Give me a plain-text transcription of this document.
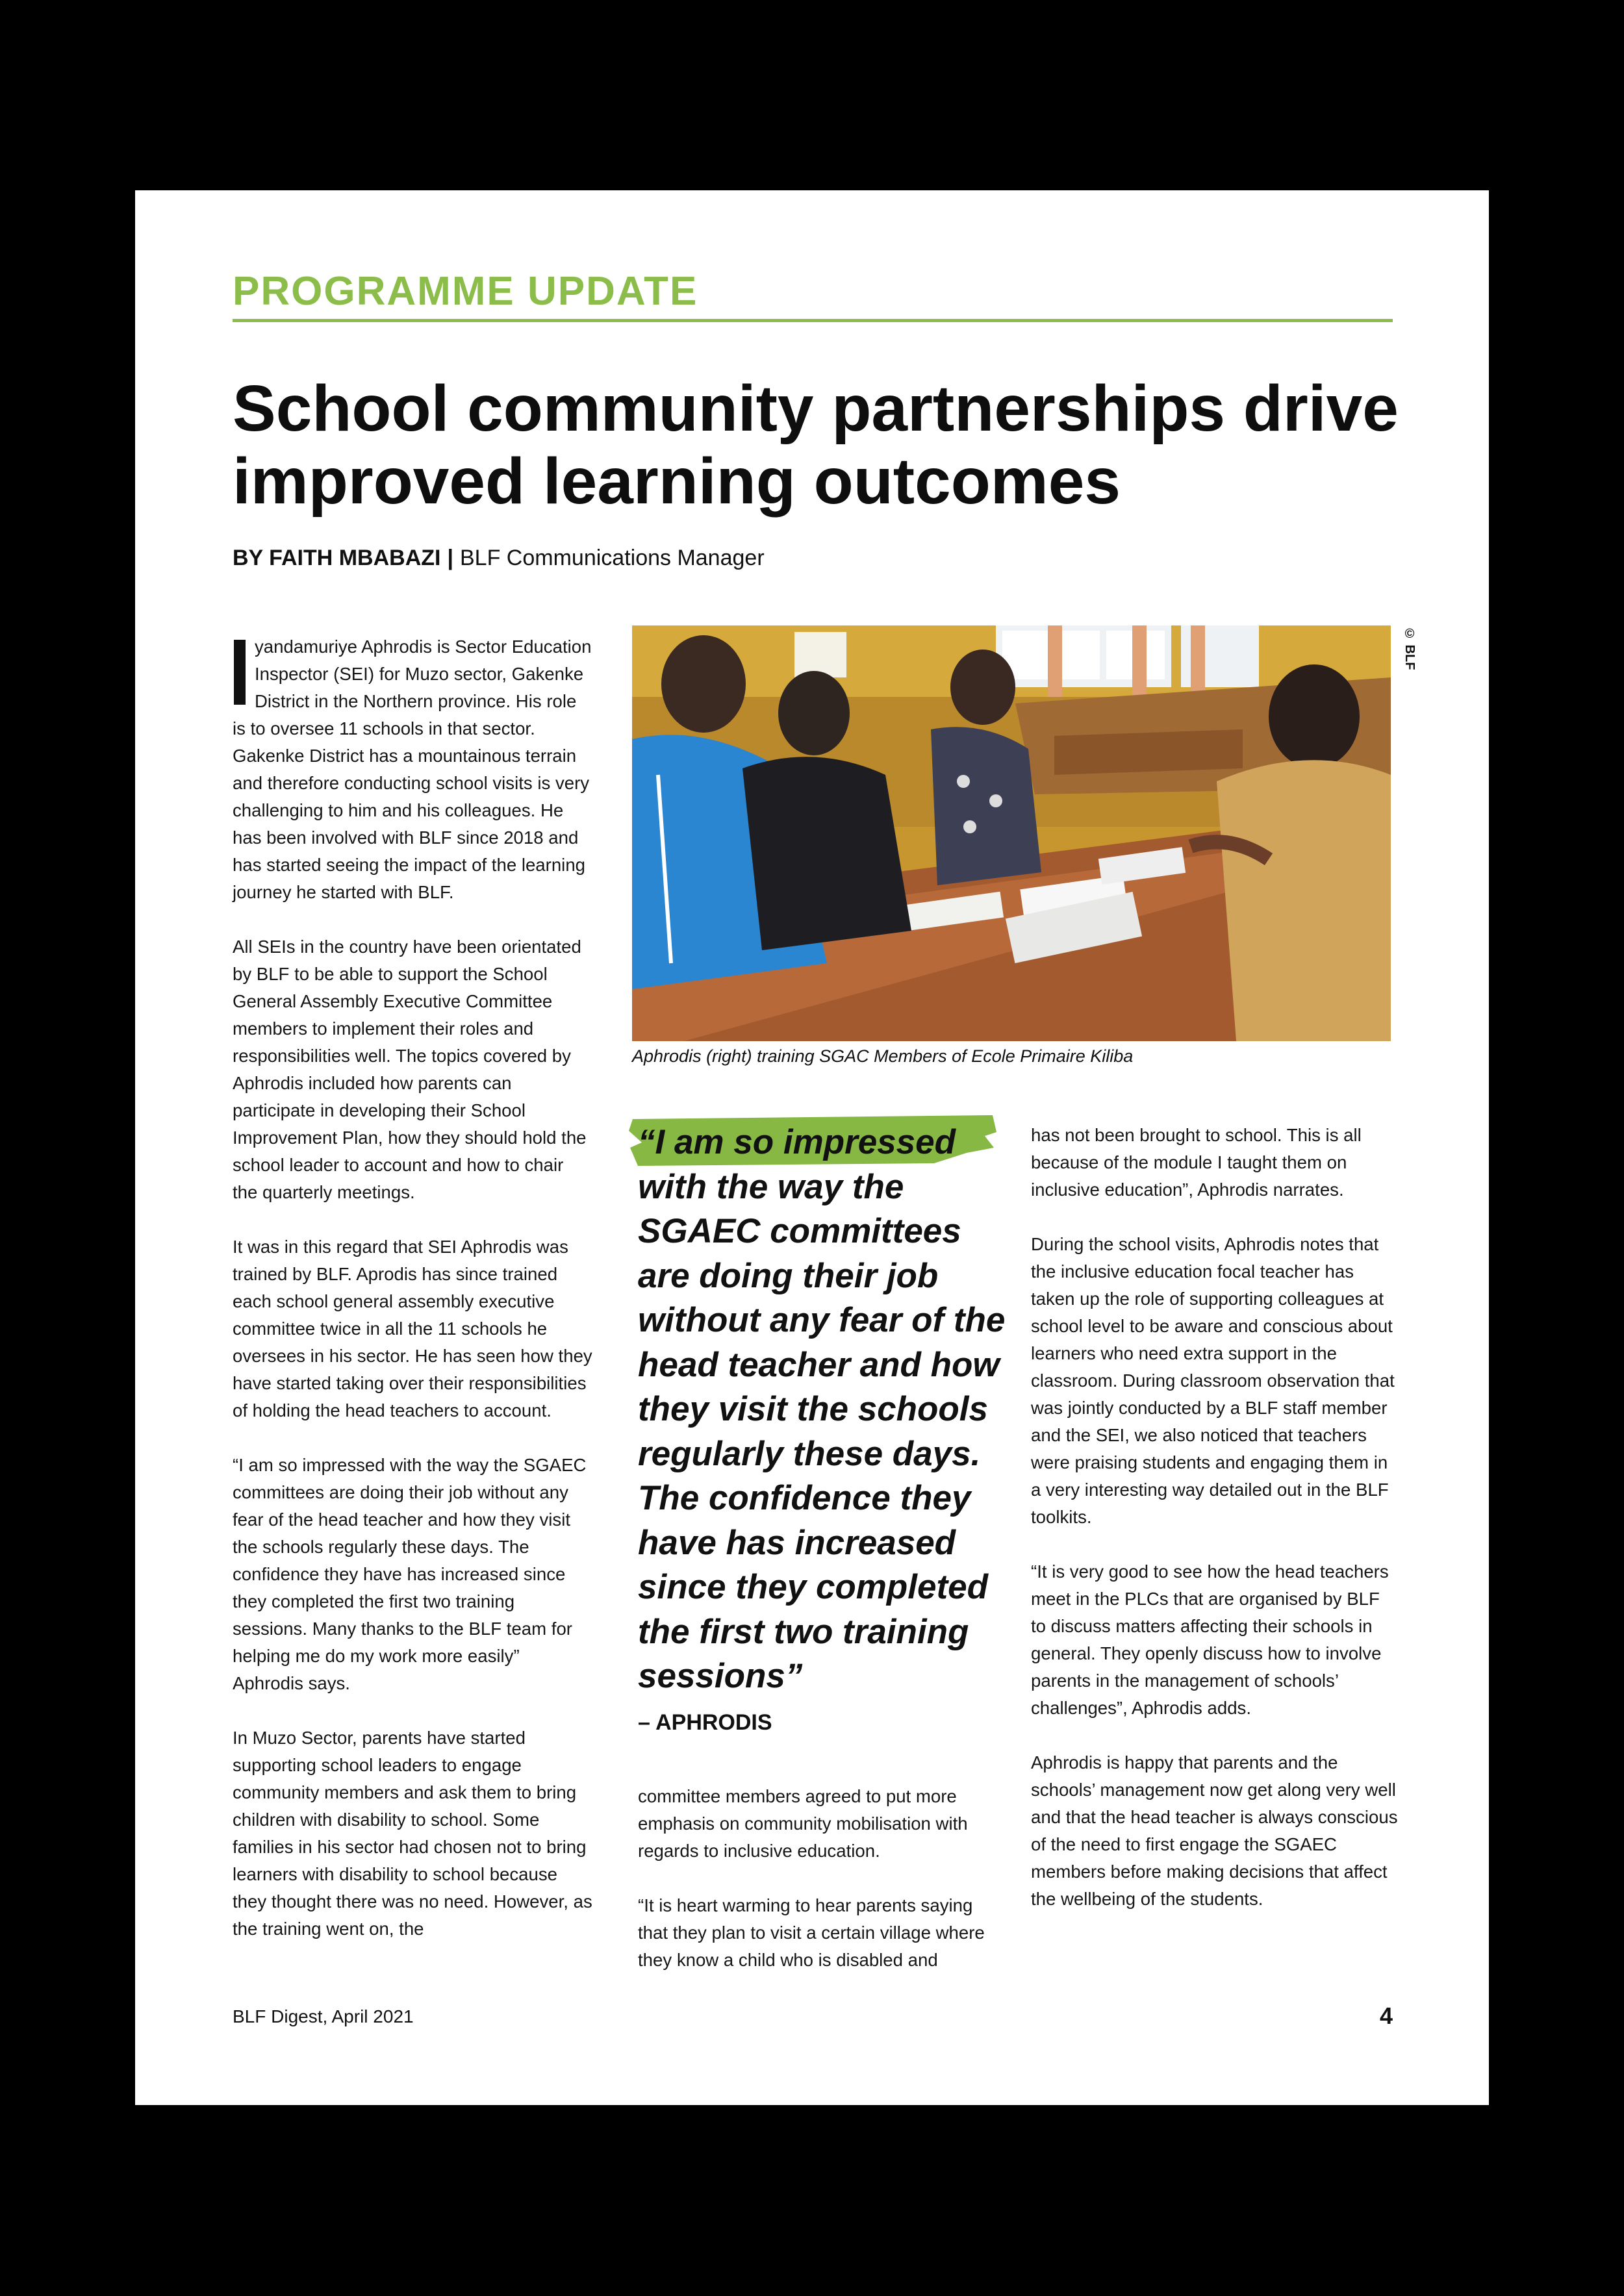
PROGRAMME UPDATE
School community partnerships drive improved learning outcomes

BY FAITH MBABAZI | BLF Communications Manager

yandamuriye Aphrodis is Sector Education Inspector (SEI) for Muzo sector, Gakenke District in the Northern province. His role is to oversee 11 schools in that sector. Gakenke District has a mountainous terrain and therefore conducting school visits is very challenging to him and his colleagues. He has been involved with BLF since 2018 and has started seeing the impact of the learning journey he started with BLF.

All SEIs in the country have been orientated by BLF to be able to support the School General Assembly Executive Committee members to implement their roles and responsibilities well. The topics covered by Aphrodis included how parents can participate in developing their School Improvement Plan, how they should hold the school leader to account and how to chair the quarterly meetings.

It was in this regard that SEI Aphrodis was trained by BLF. Aprodis has since trained each school general assembly executive committee twice in all the 11 schools he oversees in his sector. He has seen how they have started taking over their responsibilities of holding the head teachers to account.

“I am so impressed with the way the SGAEC committees are doing their job without any fear of the head teacher and how they visit the schools regularly these days. The confidence they have has increased since they completed the first two training sessions. Many thanks to the BLF team for helping me do my work more easily” Aphrodis says.

In Muzo Sector, parents have started supporting school leaders to engage community members and ask them to bring children with disability to school. Some families in his sector had chosen not to bring learners with disability to school because they thought there was no need. However, as the training went on, the

© BLF

Aphrodis (right) training SGAC Members of Ecole Primaire Kiliba

“I am so impressed with the way the SGAEC committees are doing their job without any fear of the head teacher and how they visit the schools regularly these days. The confidence they have has increased since they completed the first two training sessions”

– APHRODIS

committee members agreed to put more emphasis on community mobilisation with regards to inclusive education.

“It is heart warming to hear parents saying that they plan to visit a certain village where they know a child who is disabled and

has not been brought to school. This is all because of the module I taught them on inclusive education”, Aphrodis narrates.

During the school visits, Aphrodis notes that the inclusive education focal teacher has taken up the role of supporting colleagues at school level to be aware and conscious about learners who need extra support in the classroom. During classroom observation that was jointly conducted by a BLF staff member and the SEI, we also noticed that teachers were praising students and engaging them in a very interesting way detailed out in the BLF toolkits.

“It is very good to see how the head teachers meet in the PLCs that are organised by BLF to discuss matters affecting their schools in general. They openly discuss how to involve parents in the management of schools’ challenges”, Aphrodis adds.

Aphrodis is happy that parents and the schools’ management now get along very well and that the head teacher is always conscious of the need to first engage the SGAEC members before making decisions that affect the wellbeing of the students.

BLF Digest, April 2021	4
